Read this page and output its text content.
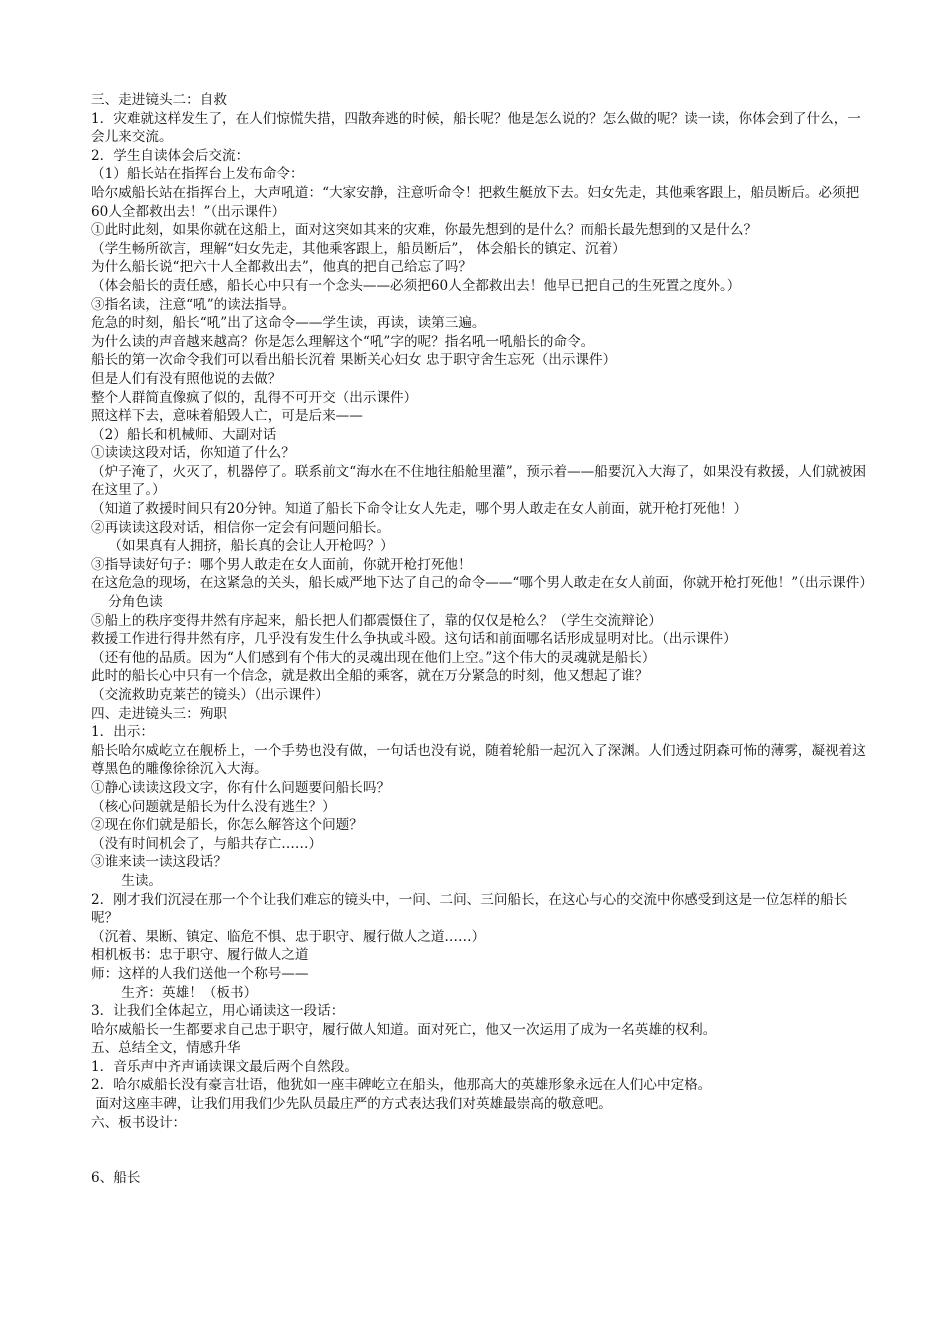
三、走进镜头二：自救

1．灾难就这样发生了，在人们惊慌失措，四散奔逃的时候，船长呢？他是怎么说的？怎么做的呢？读一读，你体会到了什么，一会儿来交流。

2．学生自读体会后交流：

（1）船长站在指挥台上发布命令：

哈尔威船长站在指挥台上，大声吼道：“大家安静，注意听命令！把救生艇放下去。妇女先走，其他乘客跟上，船员断后。必须把60人全都救出去！”（出示课件）

①此时此刻，如果你就在这船上，面对这突如其来的灾难，你最先想到的是什么？而船长最先想到的又是什么？

（学生畅所欲言，理解“妇女先走，其他乘客跟上，船员断后”， 体会船长的镇定、沉着）

为什么船长说“把六十人全都救出去”，他真的把自己给忘了吗？

（体会船长的责任感，船长心中只有一个念头——必须把60人全都救出去！他早已把自己的生死置之度外。）

③指名读，注意“吼”的读法指导。

危急的时刻，船长“吼”出了这命令——学生读，再读，读第三遍。

为什么读的声音越来越高？你是怎么理解这个“吼”字的呢？指名吼一吼船长的命令。

船长的第一次命令我们可以看出船长沉着 果断关心妇女 忠于职守舍生忘死（出示课件）

但是人们有没有照他说的去做？

整个人群简直像疯了似的，乱得不可开交（出示课件）

照这样下去，意味着船毁人亡，可是后来——

（2）船长和机械师、大副对话

①读读这段对话，你知道了什么？

（炉子淹了，火灭了，机器停了。联系前文“海水在不住地往船舱里灌”，预示着——船要沉入大海了，如果没有救援，人们就被困在这里了。）

（知道了救援时间只有20分钟。知道了船长下命令让女人先走，哪个男人敢走在女人前面，就开枪打死他！）

②再读读这段对话，相信你一定会有问题问船长。

（如果真有人拥挤，船长真的会让人开枪吗？）

③指导读好句子：哪个男人敢走在女人面前，你就开枪打死他！

在这危急的现场，在这紧急的关头，船长威严地下达了自己的命令——“哪个男人敢走在女人前面，你就开枪打死他！”（出示课件）

分角色读

⑤船上的秩序变得井然有序起来，船长把人们都震慑住了，靠的仅仅是枪么？（学生交流辩论）

救援工作进行得井然有序，几乎没有发生什么争执或斗殴。这句话和前面哪名话形成显明对比。（出示课件）

（还有他的品质。因为“人们感到有个伟大的灵魂出现在他们上空。”这个伟大的灵魂就是船长）

此时的船长心中只有一个信念，就是救出全船的乘客，就在万分紧急的时刻，他又想起了谁？

（交流救助克莱芒的镜头）（出示课件）

四、走进镜头三：殉职

1．出示：

船长哈尔威屹立在舰桥上，一个手势也没有做，一句话也没有说，随着轮船一起沉入了深渊。人们透过阴森可怖的薄雾，凝视着这尊黑色的雕像徐徐沉入大海。

①静心读读这段文字，你有什么问题要问船长吗？

（核心问题就是船长为什么没有逃生？）

②现在你们就是船长，你怎么解答这个问题？

（没有时间机会了，与船共存亡……）

③谁来读一读这段话？

生读。

2．刚才我们沉浸在那一个个让我们难忘的镜头中，一问、二问、三问船长，在这心与心的交流中你感受到这是一位怎样的船长呢？

（沉着、果断、镇定、临危不惧、忠于职守、履行做人之道……）

相机板书：忠于职守、履行做人之道

师：这样的人我们送他一个称号——

生齐：英雄！（板书）

3．让我们全体起立，用心诵读这一段话：

哈尔威船长一生都要求自己忠于职守，履行做人知道。面对死亡，他又一次运用了成为一名英雄的权利。

五、总结全文，情感升华

1．音乐声中齐声诵读课文最后两个自然段。

2．哈尔威船长没有豪言壮语，他犹如一座丰碑屹立在船头，他那高大的英雄形象永远在人们心中定格。

面对这座丰碑，让我们用我们少先队员最庄严的方式表达我们对英雄最崇高的敬意吧。

六、板书设计：

6、船长
